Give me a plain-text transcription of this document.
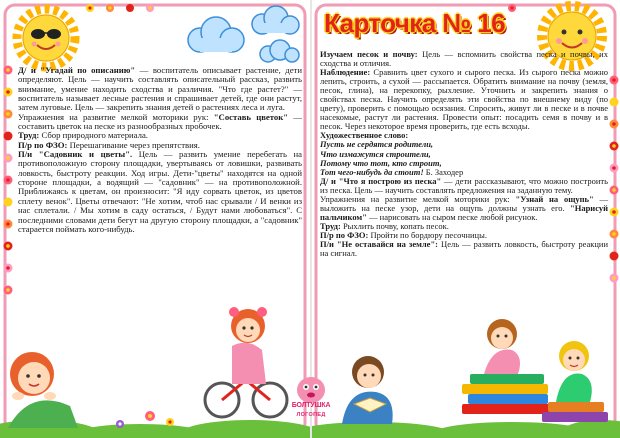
Д/ и "Угадай по описанию" — воспитатель описывает растение, дети определяют. Цель — научить составлять описательный рассказ, развить внимание, умение находить сходства и различия. "Что где растет?" — воспитатель называет лесные растения и спрашивает детей, где они растут, затем луговые. Цель — закрепить знания детей о растениях леса и луга.

Упражнения на развитие мелкой моторики рук: "Составь цветок" — составить цветок на песке из разнообразных пробочек.

Труд: Сбор природного материала.

П/р по ФЗО: Перешагивание через препятствия.

П/и "Садовник и цветы". Цель — развить умение перебегать на противоположную сторону площадки, увертываясь от ловишки, развивать ловкость, быстроту реакции. Ход игры. Дети-"цветы" находятся на одной стороне площадки, а водящий — "садовник" — на противоположной. Приближаясь к цветам, он произносит: "Я иду сорвать цветок, из цветов сплету венок". Цветы отвечают: "Не хотим, чтоб нас срывали / И венки из нас сплетали. / Мы хотим в саду остаться, / Будут нами любоваться". С последними словами дети бегут на другую сторону площадки, а "садовник" старается поймать кого-нибудь.

Карточка № 16

Изучаем песок и почву: Цель — вспомнить свойства песка и почвы, их сходства и отличия.

Наблюдение: Сравнить цвет сухого и сырого песка. Из сырого песка можно лепить, строить, а сухой — рассыпается. Обратить внимание на почву (земля, песок, глина), на перекопку, рыхление. Уточнить и закрепить знания о свойствах песка. Научить определять эти свойства по внешнему виду (по цвету), проверить с помощью осязания. Спросить, живут ли в песке и в почве насекомые, растут ли растения. Провести опыт: посадить семя в почву и в песок. Через некоторое время проверить, где есть всходы.

Художественное слово:

Пусть не сердятся родители,

Что измажутся строители,

Потому что тот, кто строит,

Тот чего-нибудь да стоит! Б. Заходер

Д/ и "Что я построю из песка" — дети рассказывают, что можно построить из песка. Цель — научить составлять предложения на заданную тему.

Упражнения на развитие мелкой моторики рук: "Узнай на ощупь" — выложить на песке узор, дети на ощупь должны узнать его. "Нарисуй пальчиком" — нарисовать на сыром песке любой рисунок.

Труд: Рыхлить почву, копать песок.

П/р по ФЗО: Пройти по бордюру песочницы.

П/и "Не оставайся на земле": Цель — развить ловкость, быстроту реакции на сигнал.

БОЛТУШКА
ЛОГОПЕД
